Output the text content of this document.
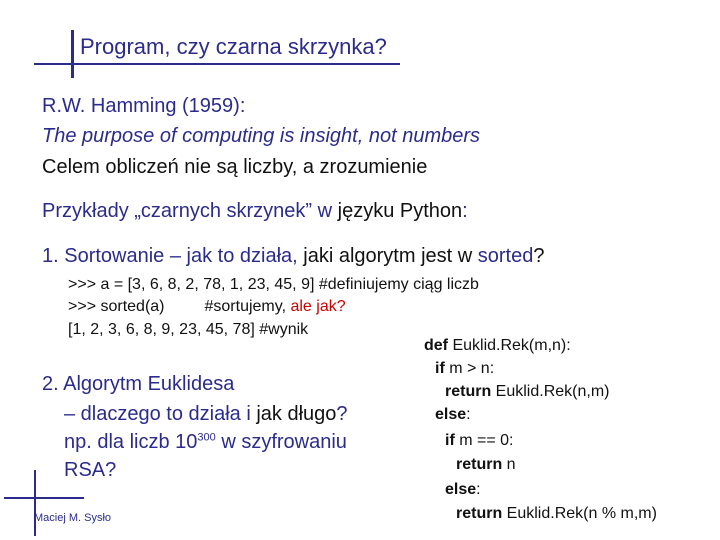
Program, czy czarna skrzynka?
R.W. Hamming (1959):
The purpose of computing is insight, not numbers
Celem obliczeń nie są liczby, a zrozumienie
Przykłady „czarnych skrzynek” w języku Python:
1. Sortowanie – jak to działa, jaki algorytm jest w sorted?
>>> a = [3, 6, 8, 2, 78, 1, 23, 45, 9] #definiujemy ciąg liczb
>>> sorted(a)         #sortujemy, ale jak?
[1, 2, 3, 6, 8, 9, 23, 45, 78] #wynik
2. Algorytm Euklidesa
– dlaczego to działa i jak długo?
np. dla liczb $10^{300}$ w szyfrowaniu
RSA?
def Euklid.Rek(m,n):
if m > n:
return Euklid.Rek(n,m)
else:
if m == 0:
return n
else:
return Euklid.Rek(n % m,m)
Maciej M. Sysło
